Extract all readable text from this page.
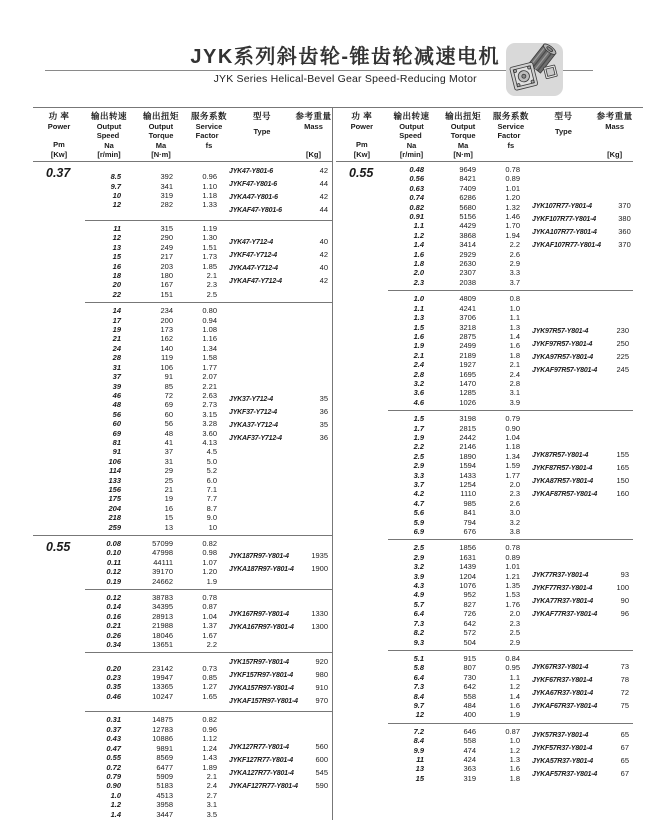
JYK系列斜齿轮-锥齿轮减速电机
JYK Series Helical-Bevel Gear Speed-Reducing Motor
功 率
Power
Pm
[Kw]
输出转速
Output
Speed
Na
[r/min]
输出扭矩
Output
Torque
Ma
[N·m]
服务系数
Service
Factor
fs
型号
Type
参考重量
Mass
[Kg]
0.37	8.5	392	0.96
9.7	341	1.10
10	319	1.18
12	282	1.33
JYK47-Y801-6	42
JYKF47-Y801-6	44
JYKA47-Y801-6	42
JYKAF47-Y801-6	44
11	315	1.19
12	290	1.30
13	249	1.51
15	217	1.73
16	203	1.85
18	180	2.1
20	167	2.3
22	151	2.5
JYK47-Y712-4	40
JYKF47-Y712-4	42
JYKA47-Y712-4	40
JYKAF47-Y712-4	42
14	234	0.80
17	200	0.94
19	173	1.08
21	162	1.16
24	140	1.34
28	119	1.58
31	106	1.77
37	91	2.07
39	85	2.21
46	72	2.63
48	69	2.73
56	60	3.15
60	56	3.28
69	48	3.60
81	41	4.13
91	37	4.5
106	31	5.0
114	29	5.2
133	25	6.0
156	21	7.1
175	19	7.7
204	16	8.7
218	15	9.0
259	13	10
JYK37-Y712-4	35
JYKF37-Y712-4	36
JYKA37-Y712-4	35
JYKAF37-Y712-4	36
0.55	0.08	57099	0.82
0.10	47998	0.98
0.11	44111	1.07
0.12	39170	1.20
0.19	24662	1.9
JYK187R97-Y801-4	1935
JYKA187R97-Y801-4	1900
0.12	38783	0.78
0.14	34395	0.87
0.16	28913	1.04
0.21	21988	1.37
0.26	18046	1.67
0.34	13651	2.2
JYK167R97-Y801-4	1330
JYKA167R97-Y801-4	1300
0.20	23142	0.73
0.23	19947	0.85
0.35	13365	1.27
0.46	10247	1.65
JYK157R97-Y801-4	920
JYKF157R97-Y801-4	980
JYKA157R97-Y801-4	910
JYKAF157R97-Y801-4	970
0.31	14875	0.82
0.37	12783	0.96
0.43	10886	1.12
0.47	9891	1.24
0.55	8569	1.43
0.72	6477	1.89
0.79	5909	2.1
0.90	5183	2.4
1.0	4513	2.7
1.2	3958	3.1
1.4	3447	3.5
JYK127R77-Y801-4	560
JYKF127R77-Y801-4	600
JYKA127R77-Y801-4	545
JYKAF127R77-Y801-4	590
功 率
Power
Pm
[Kw]
输出转速
Output
Speed
Na
[r/min]
输出扭矩
Output
Torque
Ma
[N·m]
服务系数
Service
Factor
fs
型号
Type
参考重量
Mass
[Kg]
0.55	0.48	9649	0.78
0.56	8421	0.89
0.63	7409	1.01
0.74	6286	1.20
0.82	5680	1.32
0.91	5156	1.46
1.1	4429	1.70
1.2	3868	1.94
1.4	3414	2.2
1.6	2929	2.6
1.8	2630	2.9
2.0	2307	3.3
2.3	2038	3.7
JYK107R77-Y801-4	370
JYKF107R77-Y801-4	380
JYKA107R77-Y801-4	360
JYKAF107R77-Y801-4	370
1.0	4809	0.8
1.1	4241	1.0
1.3	3706	1.1
1.5	3218	1.3
1.6	2875	1.4
1.9	2499	1.6
2.1	2189	1.8
2.4	1927	2.1
2.8	1695	2.4
3.2	1470	2.8
3.6	1285	3.1
4.6	1026	3.9
JYK97R57-Y801-4	230
JYKF97R57-Y801-4	250
JYKA97R57-Y801-4	225
JYKAF97R57-Y801-4	245
1.5	3198	0.79
1.7	2815	0.90
1.9	2442	1.04
2.2	2146	1.18
2.5	1890	1.34
2.9	1594	1.59
3.3	1433	1.77
3.7	1254	2.0
4.2	1110	2.3
4.7	985	2.6
5.6	841	3.0
5.9	794	3.2
6.9	676	3.8
JYK87R57-Y801-4	155
JYKF87R57-Y801-4	165
JYKA87R57-Y801-4	150
JYKAF87R57-Y801-4	160
2.5	1856	0.78
2.9	1631	0.89
3.2	1439	1.01
3.9	1204	1.21
4.3	1076	1.35
4.9	952	1.53
5.7	827	1.76
6.4	726	2.0
7.3	642	2.3
8.2	572	2.5
9.3	504	2.9
JYK77R37-Y801-4	93
JYKF77R37-Y801-4	100
JYKA77R37-Y801-4	90
JYKAF77R37-Y801-4	96
5.1	915	0.84
5.8	807	0.95
6.4	730	1.1
7.3	642	1.2
8.4	558	1.4
9.7	484	1.6
12	400	1.9
JYK67R37-Y801-4	73
JYKF67R37-Y801-4	78
JYKA67R37-Y801-4	72
JYKAF67R37-Y801-4	75
7.2	646	0.87
8.4	558	1.0
9.9	474	1.2
11	424	1.3
13	363	1.6
15	319	1.8
JYK57R37-Y801-4	65
JYKF57R37-Y801-4	67
JYKA57R37-Y801-4	65
JYKAF57R37-Y801-4	67
